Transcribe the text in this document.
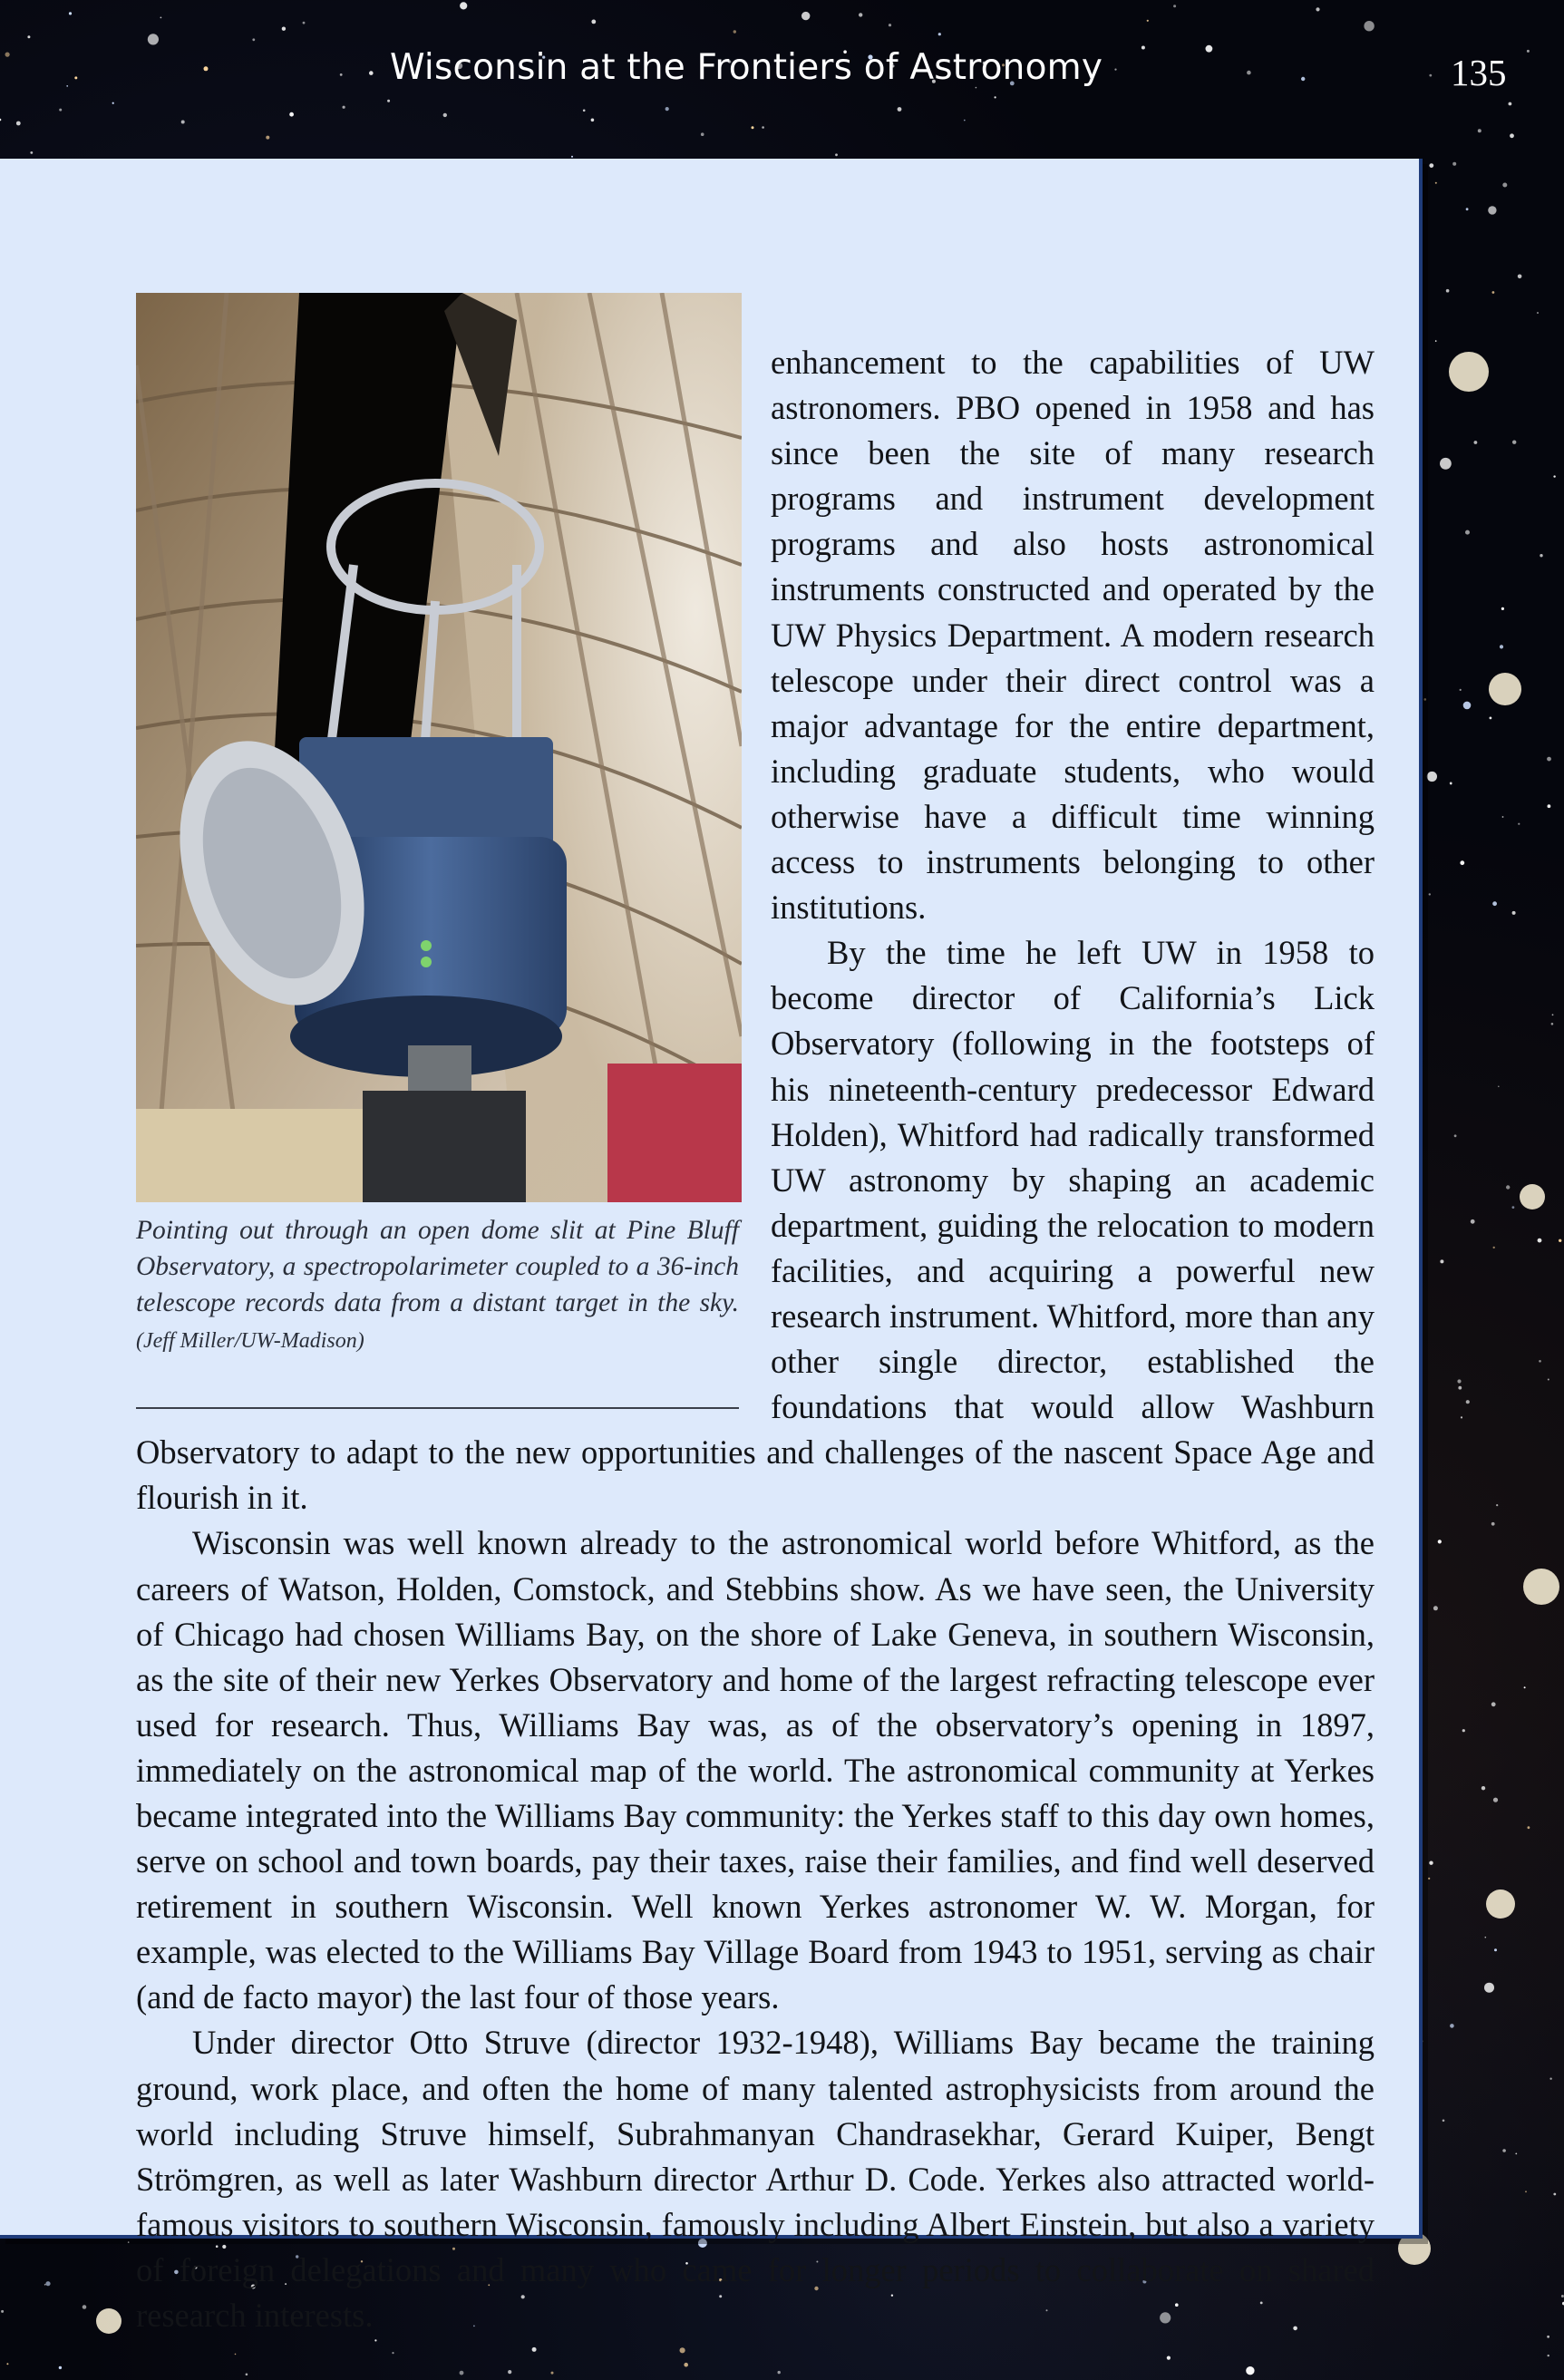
Wisconsin at the Frontiers of Astronomy	135
Pointing out through an open dome slit at Pine Bluff Observatory, a spectropolarimeter coupled to a 36-inch telescope records data from a distant target in the sky. (Jeff Miller/UW-Madison)

enhancement to the capabilities of UW astronomers. PBO opened in 1958 and has since been the site of many research programs and instrument development programs and also hosts astronomical instruments constructed and operated by the UW Physics Department. A modern research telescope under their direct control was a major advantage for the entire department, including graduate students, who would otherwise have a difficult time winning access to instruments belonging to other institutions.

By the time he left UW in 1958 to become director of California’s Lick Observatory (following in the footsteps of his nineteenth-century predecessor Edward Holden), Whitford had radically transformed UW astronomy by shaping an academic department, guiding the relocation to modern facilities, and acquiring a powerful new research instrument. Whitford, more than any other single director, established the foundations that would allow Washburn Observatory to adapt to the new opportunities and challenges of the nascent Space Age and flourish in it.

Wisconsin was well known already to the astronomical world before Whitford, as the careers of Watson, Holden, Comstock, and Stebbins show. As we have seen, the University of Chicago had chosen Williams Bay, on the shore of Lake Geneva, in southern Wisconsin, as the site of their new Yerkes Observatory and home of the largest refracting telescope ever used for research. Thus, Williams Bay was, as of the observatory’s opening in 1897, immediately on the astronomical map of the world. The astronomical community at Yerkes became integrated into the Williams Bay community: the Yerkes staff to this day own homes, serve on school and town boards, pay their taxes, raise their families, and find well deserved retirement in southern Wisconsin. Well known Yerkes astronomer W. W. Morgan, for example, was elected to the Williams Bay Village Board from 1943 to 1951, serving as chair (and de facto mayor) the last four of those years.

Under director Otto Struve (director 1932-1948), Williams Bay became the training ground, work place, and often the home of many talented astrophysicists from around the world including Struve himself, Subrahmanyan Chandrasekhar, Gerard Kuiper, Bengt Strömgren, as well as later Washburn director Arthur D. Code. Yerkes also attracted world-famous visitors to southern Wisconsin, famously including Albert Einstein, but also a variety of foreign delegations and many who came for longer periods to collaborate on shared research interests.
